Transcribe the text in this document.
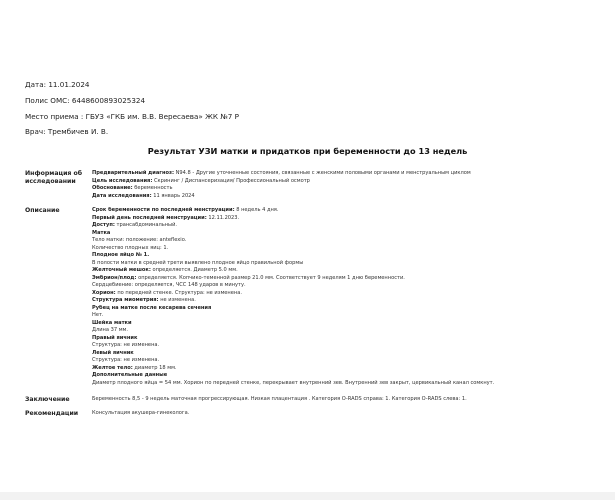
Дата: 11.01.2024
Полис ОМС: 6448600893025324
Место приема : ГБУЗ «ГКБ им. В.В. Вересаева» ЖК №7 Р
Врач: Трембичев И. В.
Результат УЗИ матки и придатков при беременности до 13 недель
Информация об исследовании
Предварительный диагноз: N94.8 - Другие уточненные состояния, связанные с женскими половыми органами и менструальным циклом
Цель исследования: Скрининг / Диспансеризация/ Профессиональный осмотр
Обоснование: беременность
Дата исследования: 11 январь 2024
Описание	Срок беременности по последней менструации: 8 недель 4 дня.
Первый день последней менструации: 12.11.2023.
Доступ: трансабдоминальный.
Матка
Тело матки: положение: anteflexio.
Количество плодных яиц: 1.
Плодное яйцо № 1.
В полости матки в средней трети выявлено плодное яйцо правильной формы
Желточный мешок: определяется. Диаметр 5.0 мм.
Эмбрион/плод: определяется. Копчико-теменной размер 21.0 мм. Соответствует 9 неделям 1 дню беременности.
Сердцебиение: определяется, ЧСС 148 ударов в минуту.
Хорион: по передней стенке. Структура: не изменена.
Структура миометрия: не изменена.
Рубец на матке после кесарева сечения
Нет.
Шейка матки
Длина 37 мм.
Правый яичник
Структура: не изменена.
Левый яичник
Структура: не изменена.
Желтое тело: диаметр 18 мм.
Дополнительные данные
Диаметр плодного яйца = 54 мм. Хорион по передней стенке, перекрывает внутренний зев. Внутренний зев закрыт, цервикальный канал сомкнут.
Заключение	Беременность 8,5 - 9 недель маточная прогрессирующая. Низкая плацентация . Категория O-RADS справа: 1. Категория O-RADS слева: 1.
Рекомендации	Консультация акушера-гинеколога.
